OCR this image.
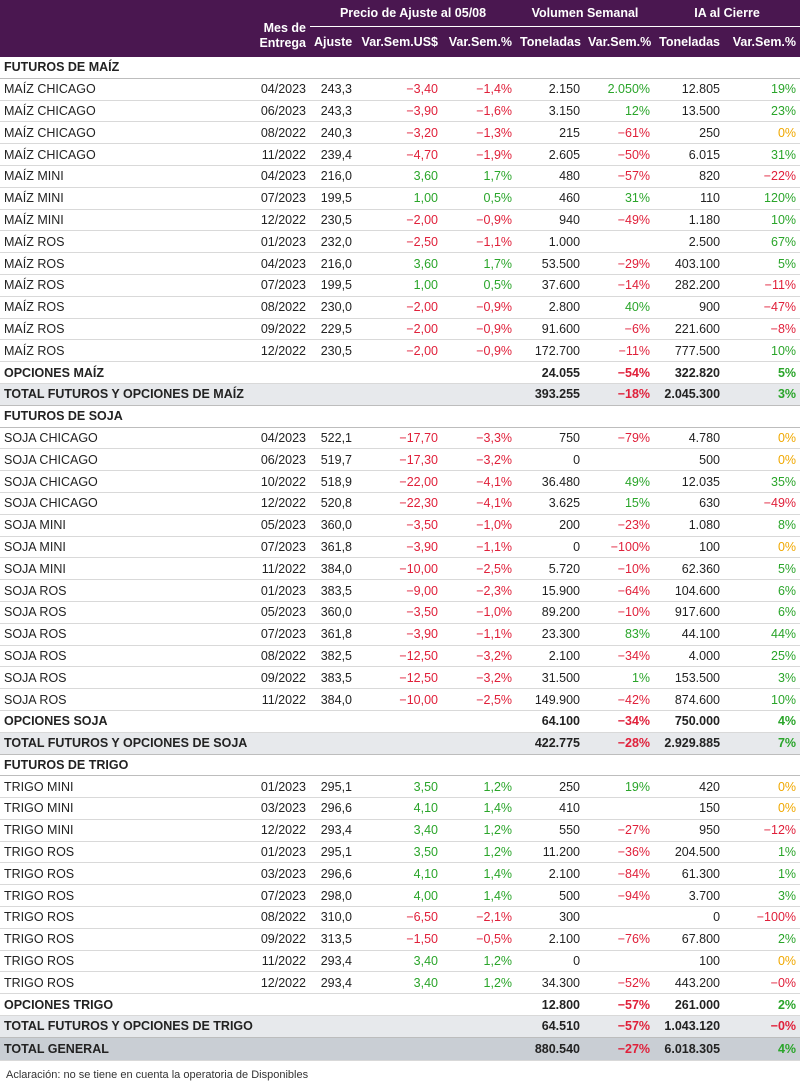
	Mes de
Entrega	Precio de Ajuste al 05/08			Volumen Semanal		IA al Cierre	
		Ajuste	Var.Sem.US$	Var.Sem.%	Toneladas	Var.Sem.%	Toneladas	Var.Sem.%
FUTUROS DE MAÍZ								
MAÍZ CHICAGO	04/2023	243,3	−3,40	−1,4%	2.150	2.050%	12.805	19%
MAÍZ CHICAGO	06/2023	243,3	−3,90	−1,6%	3.150	12%	13.500	23%
MAÍZ CHICAGO	08/2022	240,3	−3,20	−1,3%	215	−61%	250	0%
MAÍZ CHICAGO	11/2022	239,4	−4,70	−1,9%	2.605	−50%	6.015	31%
MAÍZ MINI	04/2023	216,0	3,60	1,7%	480	−57%	820	−22%
MAÍZ MINI	07/2023	199,5	1,00	0,5%	460	31%	110	120%
MAÍZ MINI	12/2022	230,5	−2,00	−0,9%	940	−49%	1.180	10%
MAÍZ ROS	01/2023	232,0	−2,50	−1,1%	1.000		2.500	67%
MAÍZ ROS	04/2023	216,0	3,60	1,7%	53.500	−29%	403.100	5%
MAÍZ ROS	07/2023	199,5	1,00	0,5%	37.600	−14%	282.200	−11%
MAÍZ ROS	08/2022	230,0	−2,00	−0,9%	2.800	40%	900	−47%
MAÍZ ROS	09/2022	229,5	−2,00	−0,9%	91.600	−6%	221.600	−8%
MAÍZ ROS	12/2022	230,5	−2,00	−0,9%	172.700	−11%	777.500	10%
OPCIONES MAÍZ					24.055	−54%	322.820	5%
TOTAL FUTUROS Y OPCIONES DE MAÍZ					393.255	−18%	2.045.300	3%
FUTUROS DE SOJA								
SOJA CHICAGO	04/2023	522,1	−17,70	−3,3%	750	−79%	4.780	0%
SOJA CHICAGO	06/2023	519,7	−17,30	−3,2%	0		500	0%
SOJA CHICAGO	10/2022	518,9	−22,00	−4,1%	36.480	49%	12.035	35%
SOJA CHICAGO	12/2022	520,8	−22,30	−4,1%	3.625	15%	630	−49%
SOJA MINI	05/2023	360,0	−3,50	−1,0%	200	−23%	1.080	8%
SOJA MINI	07/2023	361,8	−3,90	−1,1%	0	−100%	100	0%
SOJA MINI	11/2022	384,0	−10,00	−2,5%	5.720	−10%	62.360	5%
SOJA ROS	01/2023	383,5	−9,00	−2,3%	15.900	−64%	104.600	6%
SOJA ROS	05/2023	360,0	−3,50	−1,0%	89.200	−10%	917.600	6%
SOJA ROS	07/2023	361,8	−3,90	−1,1%	23.300	83%	44.100	44%
SOJA ROS	08/2022	382,5	−12,50	−3,2%	2.100	−34%	4.000	25%
SOJA ROS	09/2022	383,5	−12,50	−3,2%	31.500	1%	153.500	3%
SOJA ROS	11/2022	384,0	−10,00	−2,5%	149.900	−42%	874.600	10%
OPCIONES SOJA					64.100	−34%	750.000	4%
TOTAL FUTUROS Y OPCIONES DE SOJA					422.775	−28%	2.929.885	7%
FUTUROS DE TRIGO								
TRIGO MINI	01/2023	295,1	3,50	1,2%	250	19%	420	0%
TRIGO MINI	03/2023	296,6	4,10	1,4%	410		150	0%
TRIGO MINI	12/2022	293,4	3,40	1,2%	550	−27%	950	−12%
TRIGO ROS	01/2023	295,1	3,50	1,2%	11.200	−36%	204.500	1%
TRIGO ROS	03/2023	296,6	4,10	1,4%	2.100	−84%	61.300	1%
TRIGO ROS	07/2023	298,0	4,00	1,4%	500	−94%	3.700	3%
TRIGO ROS	08/2022	310,0	−6,50	−2,1%	300		0	−100%
TRIGO ROS	09/2022	313,5	−1,50	−0,5%	2.100	−76%	67.800	2%
TRIGO ROS	11/2022	293,4	3,40	1,2%	0		100	0%
TRIGO ROS	12/2022	293,4	3,40	1,2%	34.300	−52%	443.200	−0%
OPCIONES TRIGO					12.800	−57%	261.000	2%
TOTAL FUTUROS Y OPCIONES DE TRIGO					64.510	−57%	1.043.120	−0%
TOTAL GENERAL					880.540	−27%	6.018.305	4%
Aclaración: no se tiene en cuenta la operatoria de Disponibles
